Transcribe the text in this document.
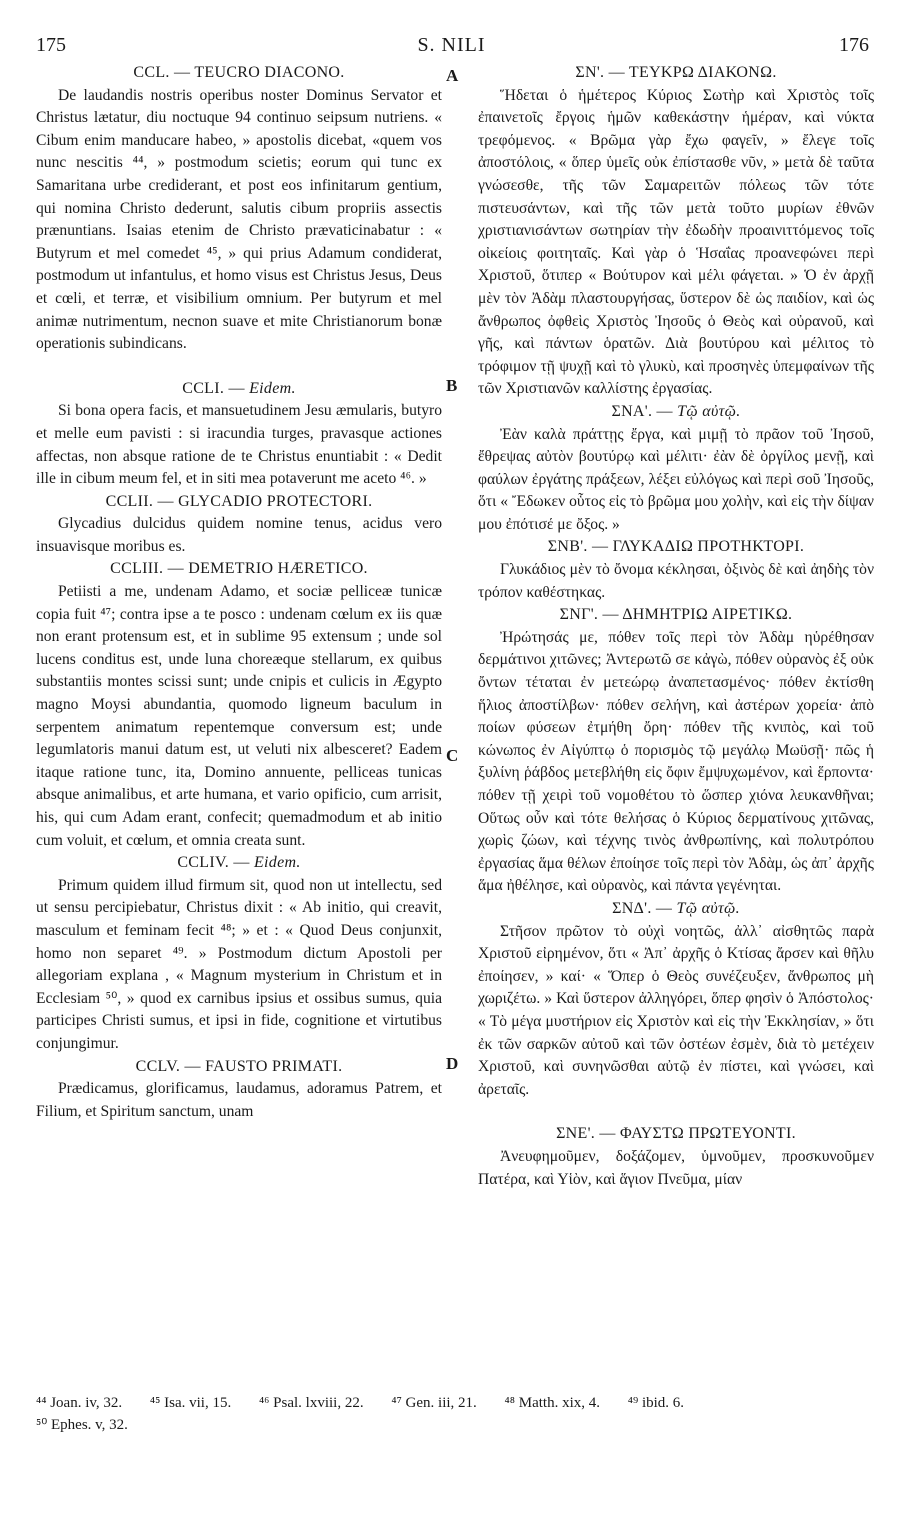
175	S. NILI	176
A
B
C
D
CCL. — TEUCRO DIACONO.

De laudandis nostris operibus noster Dominus Servator et Christus lætatur, diu noctuque 94 continuo seipsum nutriens. « Cibum enim manducare habeo, » apostolis dicebat, «quem vos nunc nescitis ⁴⁴, » postmodum scietis; eorum qui tunc ex Samaritana urbe crediderant, et post eos infinitarum gentium, qui nomina Christo dederunt, salutis cibum propriis assectis prænuntians. Isaias etenim de Christo prævaticinabatur : « Butyrum et mel comedet ⁴⁵, » qui prius Adamum condiderat, postmodum ut infantulus, et homo visus est Christus Jesus, Deus et cœli, et terræ, et visibilium omnium. Per butyrum et mel animæ nutrimentum, necnon suave et mite Christianorum bonæ operationis subindicans.

CCLI. — Eidem.

Si bona opera facis, et mansuetudinem Jesu æmularis, butyro et melle eum pavisti : si iracundia turges, pravasque actiones affectas, non absque ratione de te Christus enuntiabit : « Dedit ille in cibum meum fel, et in siti mea potaverunt me aceto ⁴⁶. »

CCLII. — GLYCADIO PROTECTORI.

Glycadius dulcidus quidem nomine tenus, acidus vero insuavisque moribus es.

CCLIII. — DEMETRIO HÆRETICO.

Petiisti a me, undenam Adamo, et sociæ pelliceæ tunicæ copia fuit ⁴⁷; contra ipse a te posco : undenam cœlum ex iis quæ non erant protensum est, et in sublime 95 extensum ; unde sol lucens conditus est, unde luna choreæque stellarum, ex quibus substantiis montes scissi sunt; unde cnipis et culicis in Ægypto magno Moysi abundantia, quomodo ligneum baculum in serpentem animatum repentemque conversum est; unde legumlatoris manui datum est, ut veluti nix albesceret? Eadem itaque ratione tunc, ita, Domino annuente, pelliceas tunicas absque animalibus, et arte humana, et vario opificio, cum arrisit, his, qui cum Adam erant, confecit; quemadmodum et ab initio cum voluit, et cœlum, et omnia creata sunt.

CCLIV. — Eidem.

Primum quidem illud firmum sit, quod non ut intellectu, sed ut sensu percipiebatur, Christus dixit : « Ab initio, qui creavit, masculum et feminam fecit ⁴⁸; » et : « Quod Deus conjunxit, homo non separet ⁴⁹. » Postmodum dictum Apostoli per allegoriam explana , « Magnum mysterium in Christum et in Ecclesiam ⁵⁰, » quod ex carnibus ipsius et ossibus sumus, quia participes Christi sumus, et ipsi in fide, cognitione et virtutibus conjungimur.

CCLV. — FAUSTO PRIMATI.

Prædicamus, glorificamus, laudamus, adoramus Patrem, et Filium, et Spiritum sanctum, unam

ΣΝ'. — ΤΕΥΚΡΩ ΔΙΑΚΟΝΩ.

Ἥδεται ὁ ἡμέτερος Κύριος Σωτὴρ καὶ Χριστὸς τοῖς ἐπαινετοῖς ἔργοις ἡμῶν καθεκάστην ἡμέραν, καὶ νύκτα τρεφόμενος. « Βρῶμα γὰρ ἔχω φαγεῖν, » ἔλεγε τοῖς ἀποστόλοις, « ὅπερ ὑμεῖς οὐκ ἐπίστασθε νῦν, » μετὰ δὲ ταῦτα γνώσεσθε, τῆς τῶν Σαμαρειτῶν πόλεως τῶν τότε πιστευσάντων, καὶ τῆς τῶν μετὰ τοῦτο μυρίων ἐθνῶν χριστιανισάντων σωτηρίαν τὴν ἐδωδὴν προαινιττόμενος τοῖς οἰκείοις φοιτηταῖς. Καὶ γὰρ ὁ Ἡσαΐας προανεφώνει περὶ Χριστοῦ, ὅτιπερ « Βούτυρον καὶ μέλι φάγεται. » Ὁ ἐν ἀρχῇ μὲν τὸν Ἀδὰμ πλαστουργήσας, ὕστερον δὲ ὡς παιδίον, καὶ ὡς ἄνθρωπος ὀφθεὶς Χριστὸς Ἰησοῦς ὁ Θεὸς καὶ οὐρανοῦ, καὶ γῆς, καὶ πάντων ὁρατῶν. Διὰ βουτύρου καὶ μέλιτος τὸ τρόφιμον τῇ ψυχῇ καὶ τὸ γλυκὺ, καὶ προσηνὲς ὑπεμφαίνων τῆς τῶν Χριστιανῶν καλλίστης ἐργασίας.

ΣΝΑ'. — Τῷ αὐτῷ.

Ἐὰν καλὰ πράττῃς ἔργα, καὶ μιμῇ τὸ πρᾶον τοῦ Ἰησοῦ, ἔθρεψας αὐτὸν βουτύρῳ καὶ μέλιτι· ἐὰν δὲ ὀργίλος μενῇ, καὶ φαύλων ἐργάτης πράξεων, λέξει εὐλόγως καὶ περὶ σοῦ Ἰησοῦς, ὅτι « Ἔδωκεν οὗτος εἰς τὸ βρῶμα μου χολὴν, καὶ εἰς τὴν δίψαν μου ἐπότισέ με ὄξος. »

ΣΝΒ'. — ΓΛΥΚΑΔΙΩ ΠΡΟΤΗΚΤΟΡΙ.

Γλυκάδιος μὲν τὸ ὄνομα κέκλησαι, ὀξινὸς δὲ καὶ ἀηδὴς τὸν τρόπον καθέστηκας.

ΣΝΓ'. — ΔΗΜΗΤΡΙΩ ΑΙΡΕΤΙΚΩ.

Ἠρώτησάς με, πόθεν τοῖς περὶ τὸν Ἀδὰμ ηὑρέθησαν δερμάτινοι χιτῶνες; Ἀντερωτῶ σε κἀγὼ, πόθεν οὐρανὸς ἐξ οὐκ ὄντων τέταται ἐν μετεώρῳ ἀναπετασμένος· πόθεν ἐκτίσθη ἥλιος ἀποστίλβων· πόθεν σελήνη, καὶ ἀστέρων χορεία· ἀπὸ ποίων φύσεων ἐτμήθη ὄρη· πόθεν τῆς κνιπὸς, καὶ τοῦ κώνωπος ἐν Αἰγύπτῳ ὁ πορισμὸς τῷ μεγάλῳ Μωϋσῇ· πῶς ἡ ξυλίνη ῥάβδος μετεβλήθη εἰς ὄφιν ἔμψυχωμένον, καὶ ἕρποντα· πόθεν τῇ χειρὶ τοῦ νομοθέτου τὸ ὥσπερ χιόνα λευκανθῆναι; Οὕτως οὖν καὶ τότε θελήσας ὁ Κύριος δερματίνους χιτῶνας, χωρὶς ζώων, καὶ τέχνης τινὸς ἀνθρωπίνης, καὶ πολυτρόπου ἐργασίας ἅμα θέλων ἐποίησε τοῖς περὶ τὸν Ἀδὰμ, ὡς ἀπ᾽ ἀρχῆς ἅμα ἠθέλησε, καὶ οὐρανὸς, καὶ πάντα γεγένηται.

ΣΝΔ'. — Τῷ αὐτῷ.

Στῆσον πρῶτον τὸ οὐχὶ νοητῶς, ἀλλ᾽ αἰσθητῶς παρὰ Χριστοῦ εἰρημένον, ὅτι « Ἀπ᾽ ἀρχῆς ὁ Κτίσας ἄρσεν καὶ θῆλυ ἐποίησεν, » καί· « Ὅπερ ὁ Θεὸς συνέζευξεν, ἄνθρωπος μὴ χωριζέτω. » Καὶ ὕστερον ἀλληγόρει, ὅπερ φησὶν ὁ Ἀπόστολος· « Τὸ μέγα μυστήριον εἰς Χριστὸν καὶ εἰς τὴν Ἐκκλησίαν, » ὅτι ἐκ τῶν σαρκῶν αὐτοῦ καὶ τῶν ὀστέων ἐσμὲν, διὰ τὸ μετέχειν Χριστοῦ, καὶ συνηνῶσθαι αὐτῷ ἐν πίστει, καὶ γνώσει, καὶ ἀρεταῖς.

ΣΝΕ'. — ΦΑΥΣΤΩ ΠΡΩΤΕΥΟΝΤΙ.

Ἀνευφημοῦμεν, δοξάζομεν, ὑμνοῦμεν, προσκυνοῦμεν Πατέρα, καὶ Υἱὸν, καὶ ἅγιον Πνεῦμα, μίαν

⁴⁴ Joan. iv, 32. ⁴⁵ Isa. vii, 15. ⁴⁶ Psal. lxviii, 22. ⁴⁷ Gen. iii, 21. ⁴⁸ Matth. xix, 4. ⁴⁹ ibid. 6.
⁵⁰ Ephes. v, 32.
